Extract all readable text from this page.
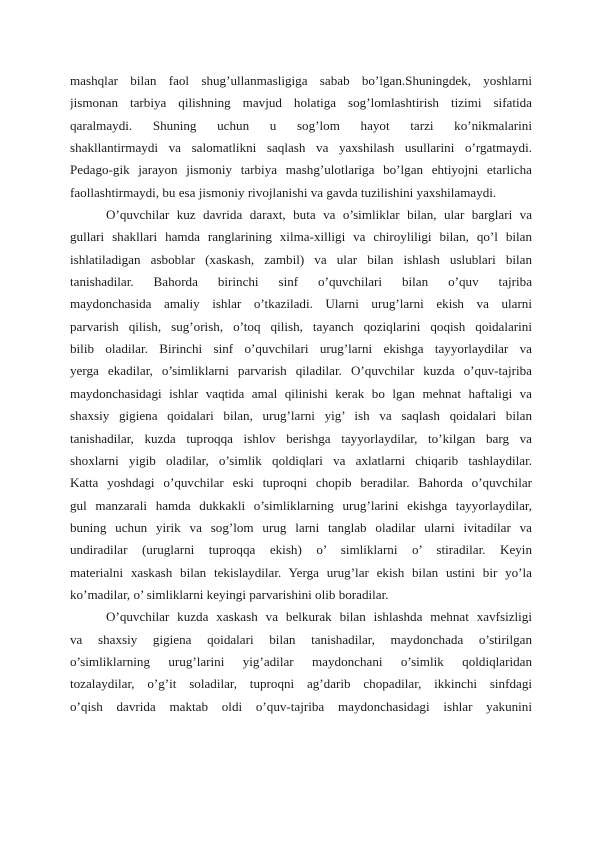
mashqlar bilan faol shug’ullanmasligiga sabab bo’lgan.Shuningdek, yoshlarni
jismonan tarbiya qilishning mavjud holatiga sog’lomlashtirish tizimi sifatida
qaralmaydi. Shuning uchun u sog’lom hayot tarzi ko’nikmalarini
shakllantirmaydi va salomatlikni saqlash va yaxshilash usullarini o’rgatmaydi.
Pedago-gik jarayon jismoniy tarbiya mashg’ulotlariga bo’lgan ehtiyojni etarlicha
faollashtirmaydi, bu esa jismoniy rivojlanishi va gavda tuzilishini yaxshilamaydi.
O’quvchilar kuz davrida daraxt, buta va o’simliklar bilan, ular barglari va
gullari shakllari hamda ranglarining xilma-xilligi va chiroyliligi bilan, qo’l bilan
ishlatiladigan asboblar (xaskash, zambil) va ular bilan ishlash uslublari bilan
tanishadilar. Bahorda birinchi sinf o’quvchilari bilan o’quv tajriba
maydonchasida amaliy ishlar o’tkaziladi. Ularni urug’larni ekish va ularni
parvarish qilish, sug’orish, o’toq qilish, tayanch qoziqlarini qoqish qoidalarini
bilib oladilar. Birinchi sinf o’quvchilari urug’larni ekishga tayyorlaydilar va
yerga ekadilar, o’simliklarni parvarish qiladilar. O’quvchilar kuzda o’quv-tajriba
maydonchasidagi ishlar vaqtida amal qilinishi kerak bo lgan mehnat haftaligi va
shaxsiy gigiena qoidalari bilan, urug’larni yig’ ish va saqlash qoidalari bilan
tanishadilar, kuzda tuproqqa ishlov berishga tayyorlaydilar, to’kilgan barg va
shoxlarni yigib oladilar, o’simlik qoldiqlari va axlatlarni chiqarib tashlaydilar.
Katta yoshdagi o’quvchilar eski tuproqni chopib beradilar. Bahorda o’quvchilar
gul manzarali hamda dukkakli o’simliklarning urug’larini ekishga tayyorlaydilar,
buning uchun yirik va sog’lom urug larni tanglab oladilar ularni ivitadilar va
undiradilar (uruglarni tuproqqa ekish) o’ simliklarni o’ stiradilar. Keyin
materialni xaskash bilan tekislaydilar. Yerga urug’lar ekish bilan ustini bir yo’la
ko’madilar, o’ simliklarni keyingi parvarishini olib boradilar.
O’quvchilar kuzda xaskash va belkurak bilan ishlashda mehnat xavfsizligi
va shaxsiy gigiena qoidalari bilan tanishadilar, maydonchada o’stirilgan
o’simliklarning urug’larini yig’adilar maydonchani o’simlik qoldiqlaridan
tozalaydilar, o’g’it soladilar, tuproqni ag’darib chopadilar, ikkinchi sinfdagi
o’qish davrida maktab oldi o’quv-tajriba maydonchasidagi ishlar yakunini
